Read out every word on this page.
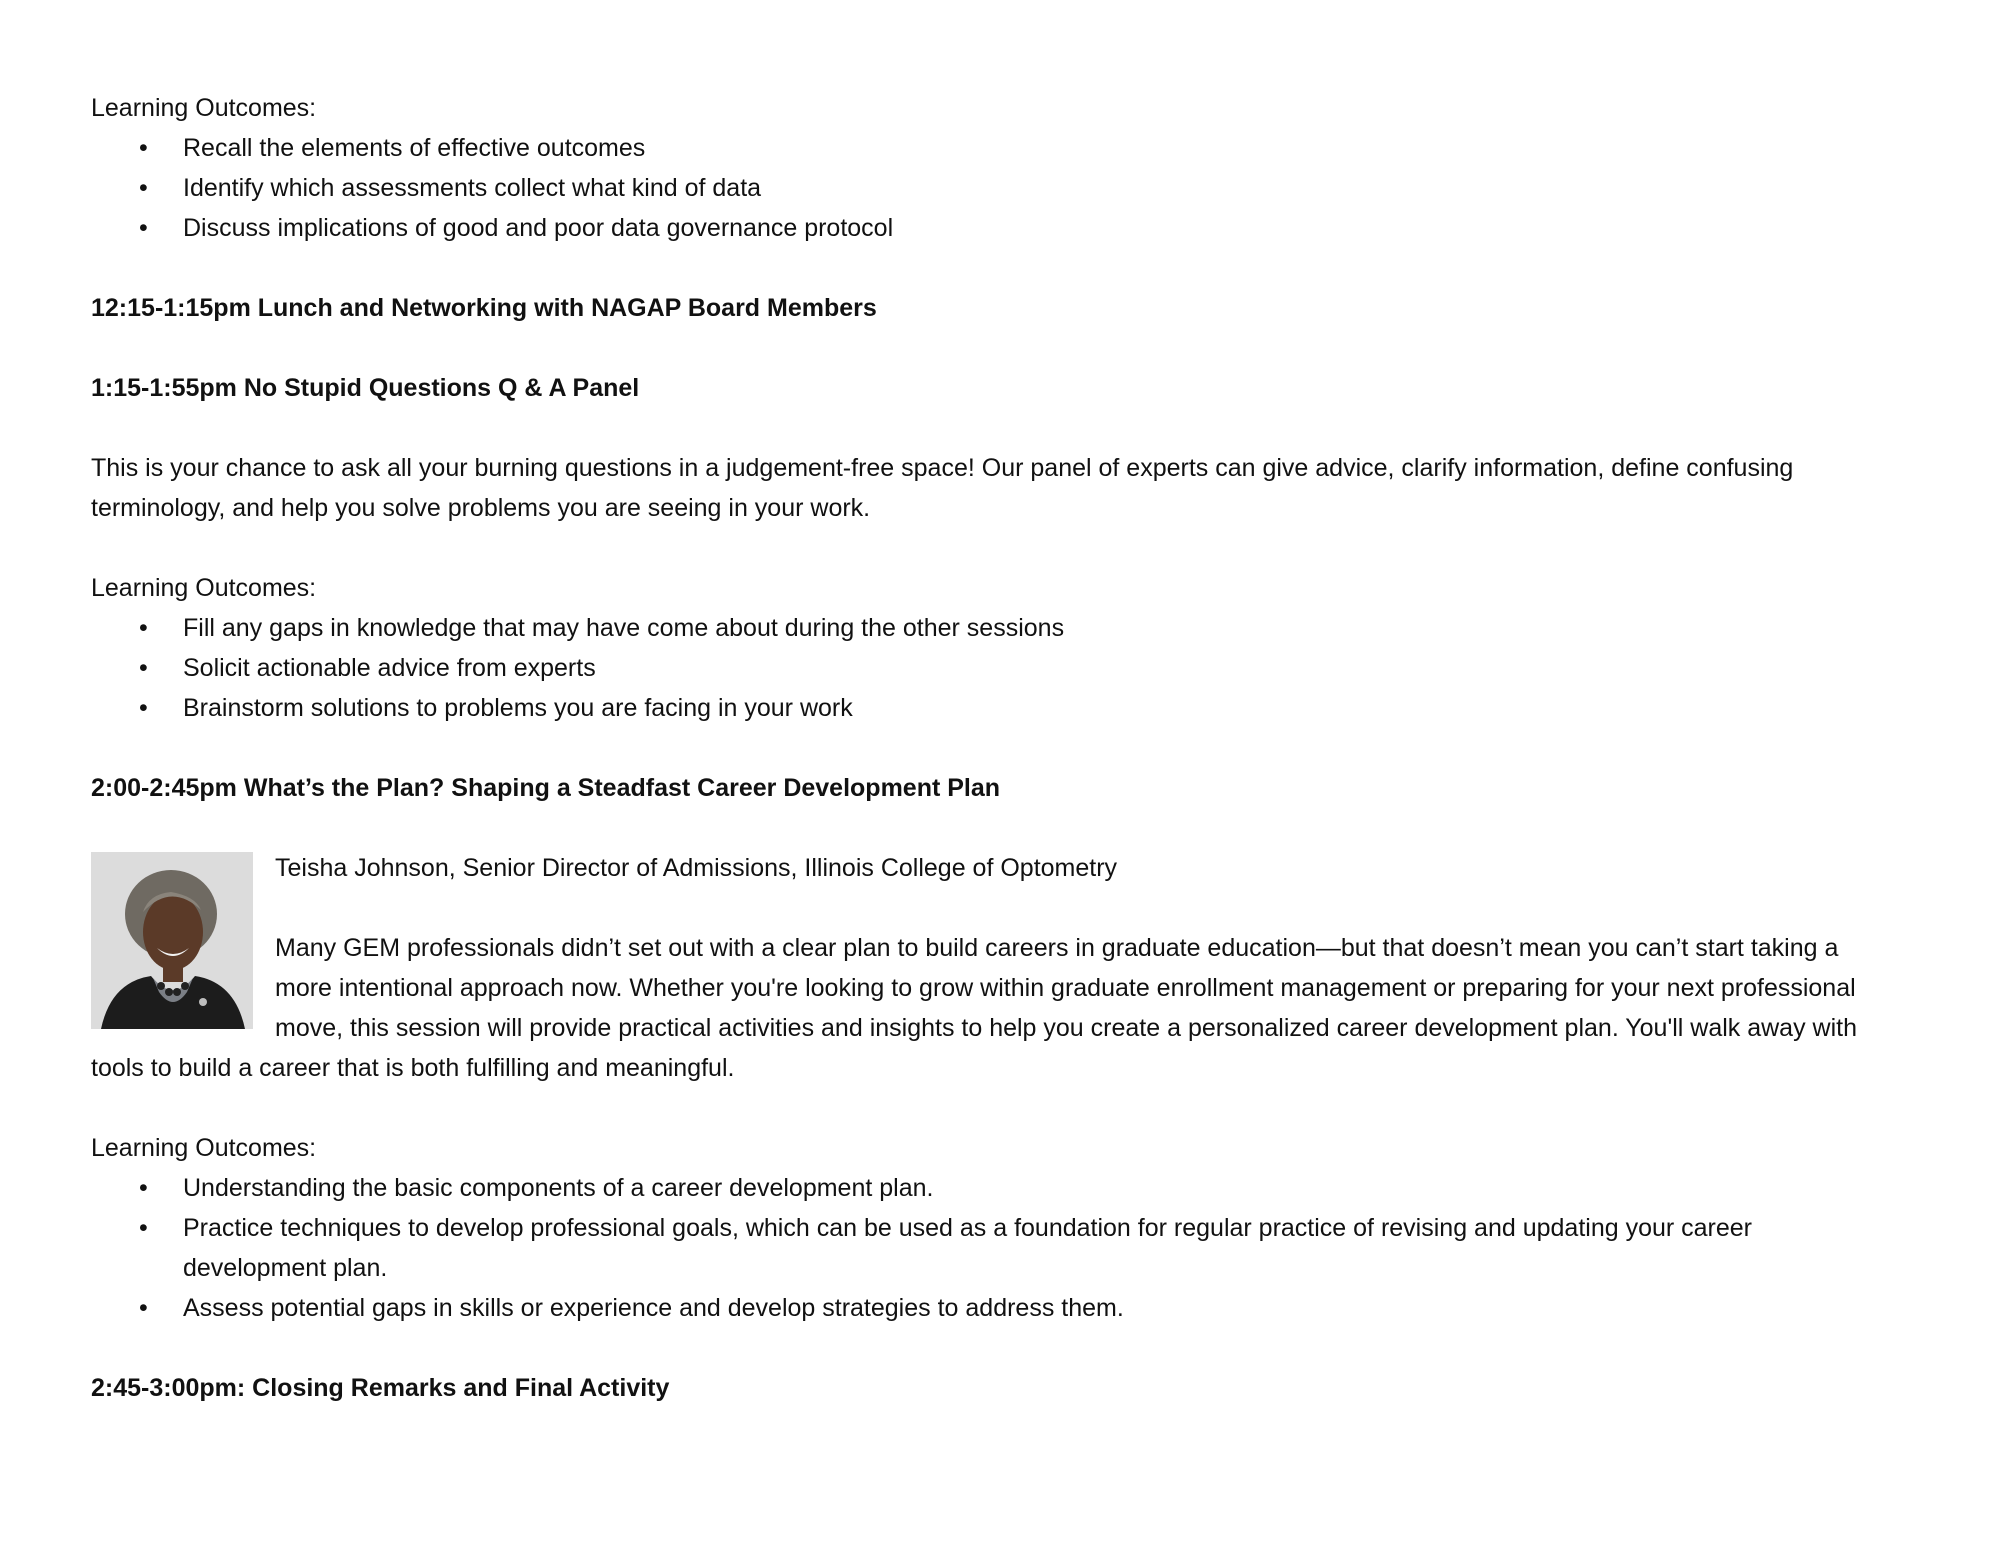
Learning Outcomes:

• Recall the elements of effective outcomes
• Identify which assessments collect what kind of data
• Discuss implications of good and poor data governance protocol

12:15-1:15pm Lunch and Networking with NAGAP Board Members

1:15-1:55pm No Stupid Questions Q & A Panel

This is your chance to ask all your burning questions in a judgement-free space! Our panel of experts can give advice, clarify information, define confusing terminology, and help you solve problems you are seeing in your work.

Learning Outcomes:

• Fill any gaps in knowledge that may have come about during the other sessions
• Solicit actionable advice from experts
• Brainstorm solutions to problems you are facing in your work

2:00-2:45pm What’s the Plan? Shaping a Steadfast Career Development Plan

Teisha Johnson, Senior Director of Admissions, Illinois College of Optometry

Many GEM professionals didn’t set out with a clear plan to build careers in graduate education—but that doesn’t mean you can’t start taking a more intentional approach now. Whether you're looking to grow within graduate enrollment management or preparing for your next professional move, this session will provide practical activities and insights to help you create a personalized career development plan. You'll walk away with tools to build a career that is both fulfilling and meaningful.

Learning Outcomes:

• Understanding the basic components of a career development plan.
• Practice techniques to develop professional goals, which can be used as a foundation for regular practice of revising and updating your career development plan.
• Assess potential gaps in skills or experience and develop strategies to address them.

2:45-3:00pm: Closing Remarks and Final Activity
